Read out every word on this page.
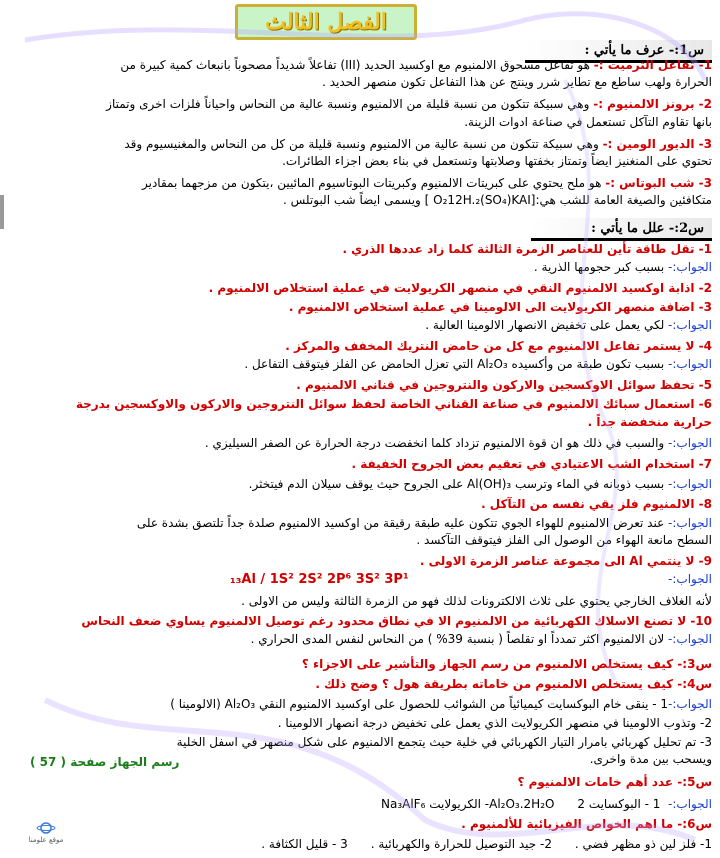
الفصل الثالث
س1:- عرف ما يأتي :
1- تفاعل الثرميت :- هو تفاعل مسحوق الالمنيوم مع اوكسيد الحديد (III) تفاعلاً شديداً مصحوباً بانبعاث كمية كبيرة من
الحرارة ولهب ساطع مع تطاير شرر وينتج عن هذا التفاعل تكون منصهر الحديد .
2- برونز الالمنيوم :- وهي سبيكة تتكون من نسبة قليلة من الالمنيوم ونسبة عالية من النحاس واحياناً فلزات اخرى وتمتاز
بانها تقاوم التآكل تستعمل في صناعة ادوات الزينة.
3- الديور الومين :- وهي سبيكة تتكون من نسبة عالية من الالمنيوم ونسبة قليلة من كل من النحاس والمغنيسيوم وقد
تحتوي على المنغنيز ايضاً وتمتاز بخفتها وصلابتها وتستعمل في بناء بعض اجزاء الطائرات.
3- شب البوتاس :- هو ملح يحتوي على كبريتات الالمنيوم وكبريتات البوتاسيوم المائيين ،يتكون من مزجهما بمقادير
متكافئين والصيغة العامة للشب هي:[O₂12H.₂(SO₄)KAI ] ويسمى ايضاً شب البوتلس .
س2:- علل ما يأتي :
1- تقل طاقة تأين للعناصر الزمرة الثالثة كلما زاد عددها الذري .
الجواب:- بسبب كبر حجومها الذرية .
2- اذابة اوكسيد الالمنيوم النقي في منصهر الكريولايت في عملية استخلاص الالمنيوم .
3- اضافة منصهر الكريولايت الى الالومينا في عملية استخلاص الالمنيوم .
الجواب:- لكي يعمل على تخفيض الانصهار الالومينا العالية .
4- لا يستمر تفاعل الالمنيوم مع كل من حامض النتريك المخفف والمركز .
الجواب:- بسبب تكون طبقة من وأكسيده Al₂O₃ التي تعزل الحامض عن الفلز فيتوقف التفاعل .
5- تحفظ سوائل الاوكسجين والاركون والنتروجين في قناني الالمنيوم .
6- استعمال سبائك الالمنيوم في صناعة القناني الخاصة لحفظ سوائل النتروجين والاركون والاوكسجين بدرجة
حرارية منخفضة جداً .
الجواب:- والسبب في ذلك هو ان قوة الالمنيوم تزداد كلما انخفضت درجة الحرارة عن الصفر السيليزي .
7- استخدام الشب الاعتيادي في تعقيم بعض الجروح الخفيفة .
الجواب:- بسبب ذوبانه في الماء وترسب Al(OH)₃ على الجروح حيث يوقف سيلان الدم فيتخثر.
8- الالمنيوم فلز يقي نفسه من التآكل .
الجواب:- عند تعرض الالمنيوم للهواء الجوي تتكون عليه طبقة رقيقة من اوكسيد الالمنيوم صلدة جداً تلتصق بشدة على
السطح مانعة الهواء من الوصول الى الفلز فيتوقف التآكسد .
9- لا ينتمي Al الى مجموعة عناصر الزمرة الاولى .
الجواب:-
₁₃Al / 1S² 2S² 2P⁶ 3S² 3P¹
لأنه الغلاف الخارجي يحتوي على ثلاث الالكترونات لذلك فهو من الزمرة الثالثة وليس من الاولى .
10- لا تصنع الاسلاك الكهربائية من الالمنيوم الا في نطاق محدود رغم توصيل الالمنيوم يساوي ضعف النحاس
الجواب:- لان الالمنيوم اكثر تمدداً او تقلصاً ( بنسبة 39% ) من النحاس لنفس المدى الحراري .
س3:- كيف يستخلص الالمنيوم من رسم الجهاز والتأشير على الاجزاء ؟
س4:- كيف يستخلص الالمنيوم من خاماته بطريقة هول ؟ وضح ذلك .
الجواب:-1 - ينقى خام البوكسايت كيميائياً من الشوائب للحصول على اوكسيد الالمنيوم النقي Al₂O₃ (الالومينا )
2- وتذوب الالومينا في منصهر الكريولايت الذي يعمل على تخفيض درجة انصهار الالومينا .
3- تم تحليل كهربائي بامرار التيار الكهربائي في خلية حيث يتجمع الالمنيوم على شكل منصهر في اسفل الخلية
ويسحب بين مدة واخرى.
رسم الجهاز صفحة ( 57 )
س5:- عدد أهم خامات الالمنيوم ؟
الجواب:-  1 - البوكسايت Al₂O₃.2H₂O      2- الكريولايت Na₃AlF₆
س6:- ما اهم الخواص الفيزيائية للألمنيوم .
1- فلز لين ذو مظهر فضي .      2- جيد التوصيل للحرارة والكهربائية .      3 - قليل الكثافة .
موقع علومنا
